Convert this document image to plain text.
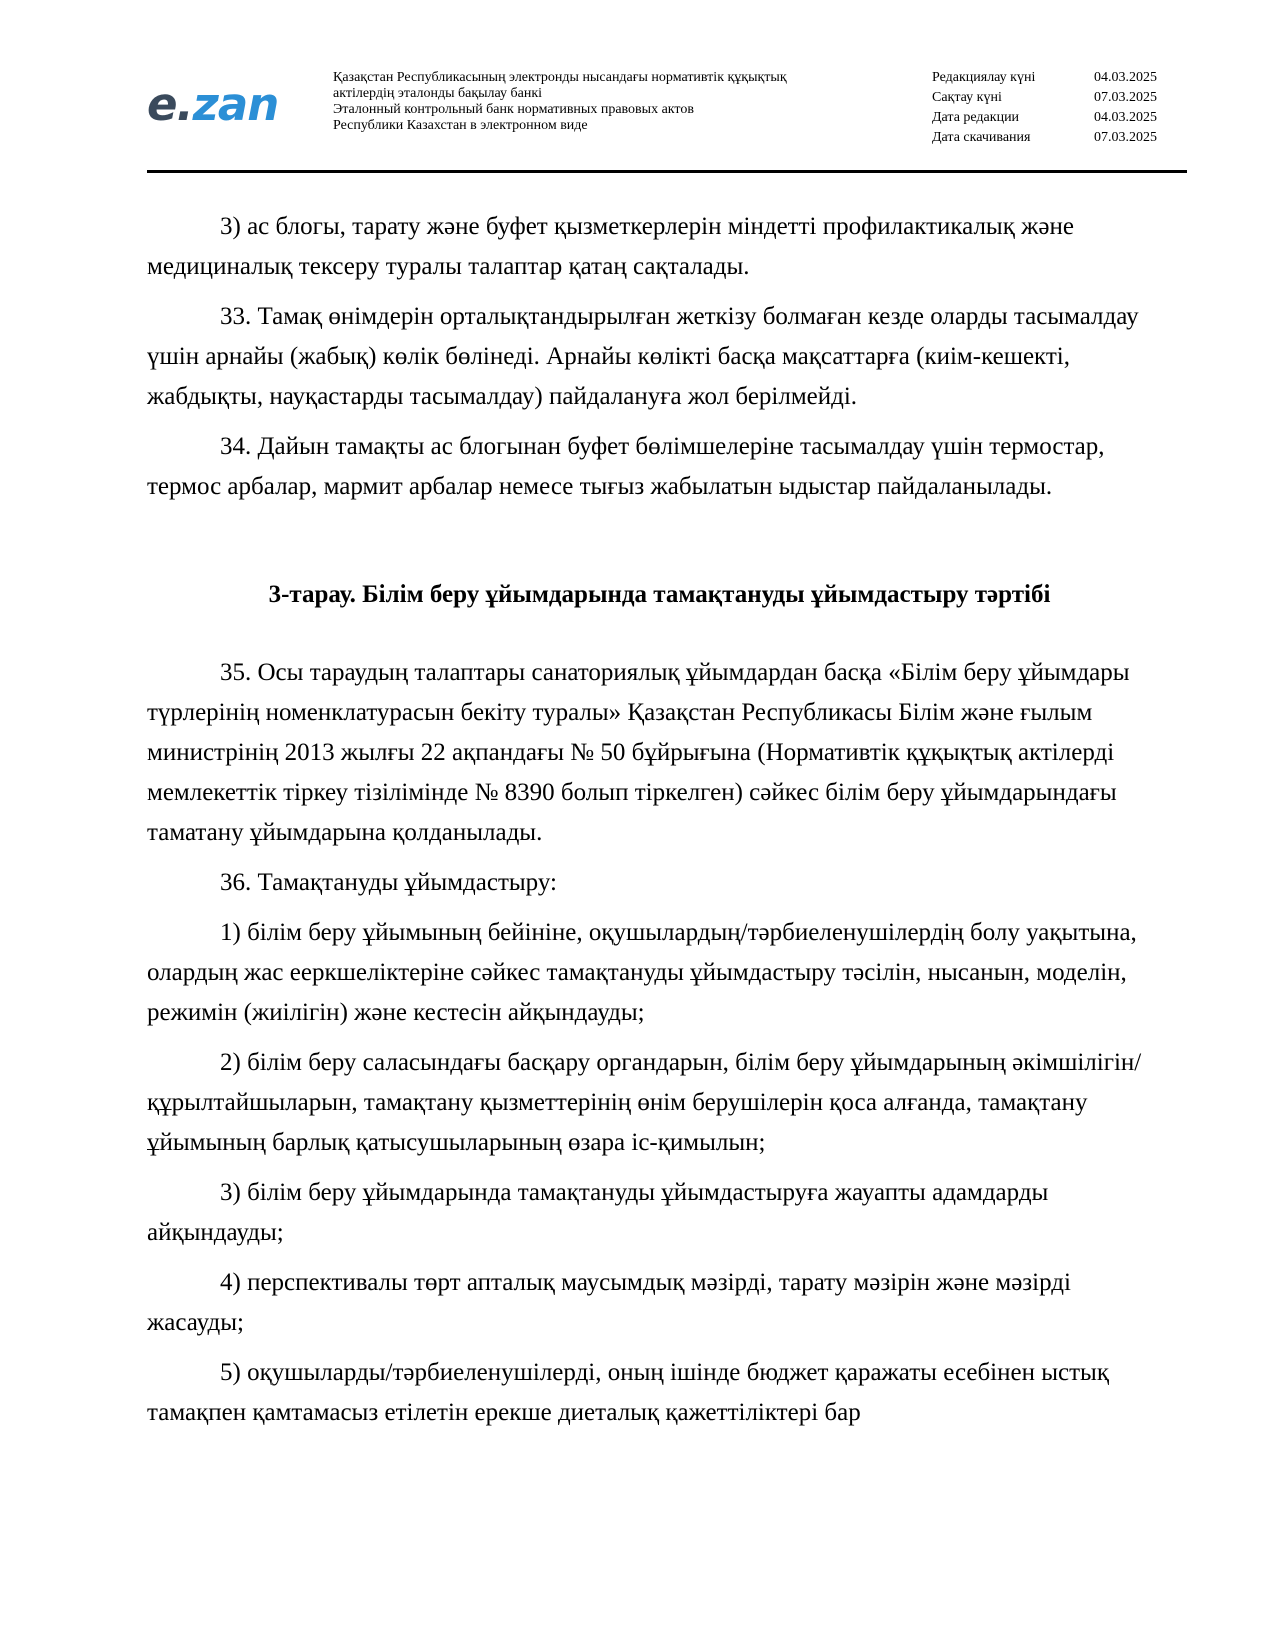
e.zan
Қазақстан Республикасының электронды нысандағы нормативтік құқықтық
актілердің эталонды бақылау банкі
Эталонный контрольный банк нормативных правовых актов
Республики Казахстан в электронном виде
Редакциялау күні	04.03.2025
Сақтау күні	07.03.2025
Дата редакции	04.03.2025
Дата скачивания	07.03.2025

3) ас блогы, тарату және буфет қызметкерлерін міндетті профилактикалық және медициналық тексеру туралы талаптар қатаң сақталады.

33. Тамақ өнімдерін орталықтандырылған жеткізу болмаған кезде оларды тасымалдау үшін арнайы (жабық) көлік бөлінеді. Арнайы көлікті басқа мақсаттарға (киім-кешекті, жабдықты, науқастарды тасымалдау) пайдалануға жол берілмейді.

34. Дайын тамақты ас блогынан буфет бөлімшелеріне тасымалдау үшін термостар, термос арбалар, мармит арбалар немесе тығыз жабылатын ыдыстар пайдаланылады.

3-тарау. Білім беру ұйымдарында тамақтануды ұйымдастыру тәртібі

35. Осы тараудың талаптары санаториялық ұйымдардан басқа «Білім беру ұйымдары түрлерінің номенклатурасын бекіту туралы» Қазақстан Республикасы Білім және ғылым министрінің 2013 жылғы 22 ақпандағы № 50 бұйрығына (Нормативтік құқықтық актілерді мемлекеттік тіркеу тізілімінде № 8390 болып тіркелген) сәйкес білім беру ұйымдарындағы таматану ұйымдарына қолданылады.

36. Тамақтануды ұйымдастыру:

1) білім беру ұйымының бейініне, оқушылардың/тәрбиеленушілердің болу уақытына, олардың жас ееркшеліктеріне сәйкес тамақтануды ұйымдастыру тәсілін, нысанын, моделін, режимін (жиілігін) және кестесін айқындауды;

2) білім беру саласындағы басқару органдарын, білім беру ұйымдарының әкімшілігін/құрылтайшыларын, тамақтану қызметтерінің өнім берушілерін қоса алғанда, тамақтану ұйымының барлық қатысушыларының өзара іс-қимылын;

3) білім беру ұйымдарында тамақтануды ұйымдастыруға жауапты адамдарды айқындауды;

4) перспективалы төрт апталық маусымдық мәзірді, тарату мәзірін және мәзірді жасауды;

5) оқушыларды/тәрбиеленушілерді, оның ішінде бюджет қаражаты есебінен ыстық тамақпен қамтамасыз етілетін ерекше диеталық қажеттіліктері бар
